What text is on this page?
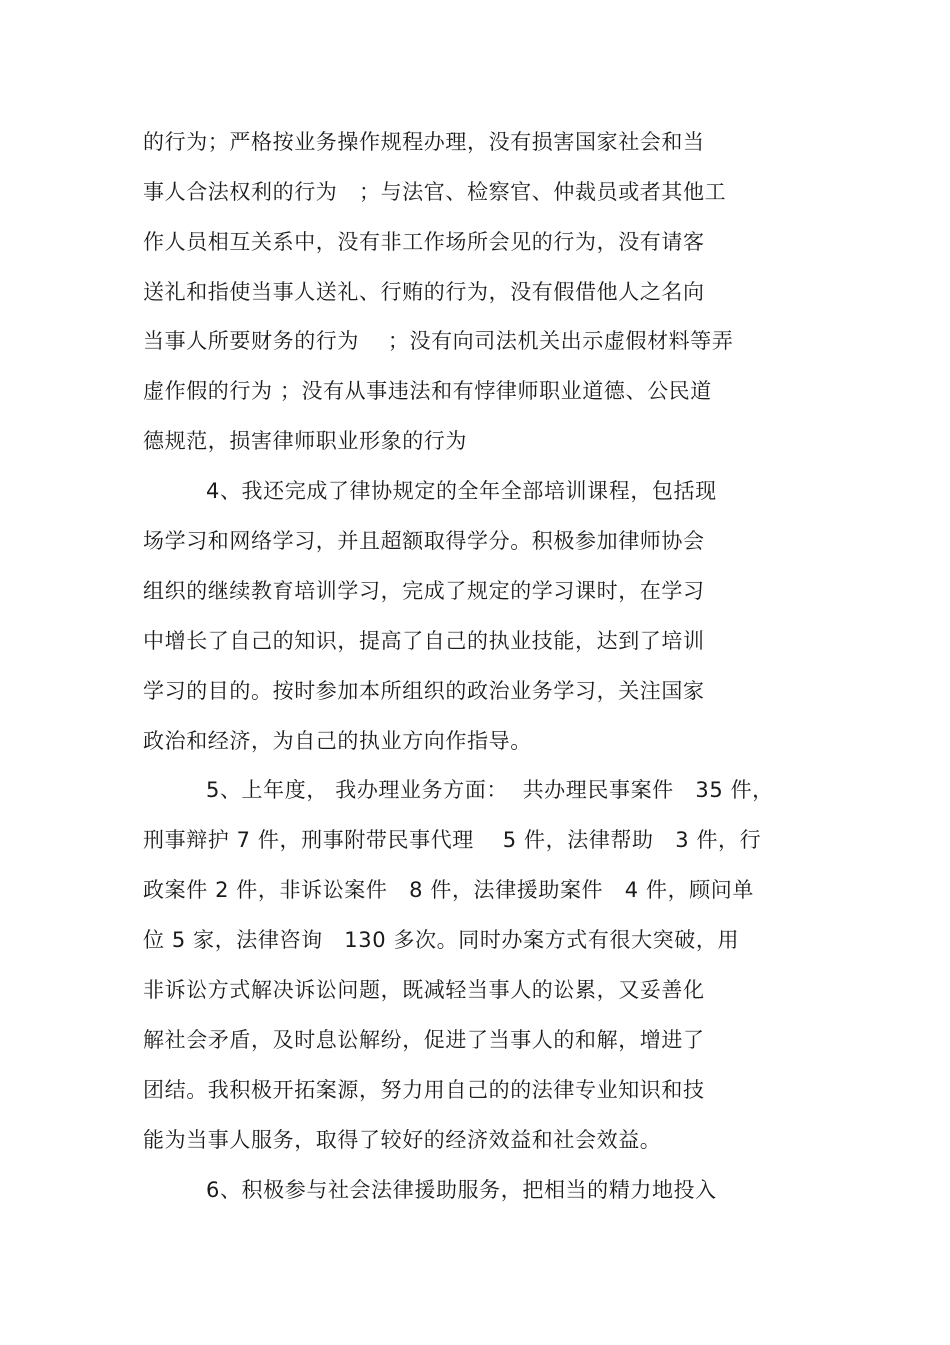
的行为；严格按业务操作规程办理，没有损害国家社会和当
事人合法权利的行为　；与法官、检察官、仲裁员或者其他工
作人员相互关系中，没有非工作场所会见的行为，没有请客
送礼和指使当事人送礼、行贿的行为，没有假借他人之名向
当事人所要财务的行为　 ；没有向司法机关出示虚假材料等弄
虚作假的行为 ；没有从事违法和有悖律师职业道德、公民道
德规范，损害律师职业形象的行为
4、我还完成了律协规定的全年全部培训课程，包括现
场学习和网络学习，并且超额取得学分。积极参加律师协会
组织的继续教育培训学习，完成了规定的学习课时，在学习
中增长了自己的知识，提高了自己的执业技能，达到了培训
学习的目的。按时参加本所组织的政治业务学习，关注国家
政治和经济，为自己的执业方向作指导。
5、上年度， 我办理业务方面：  共办理民事案件　35 件，
刑事辩护 7 件，刑事附带民事代理　 5 件，法律帮助　3 件，行
政案件 2 件，非诉讼案件　8 件，法律援助案件　4 件，顾问单
位 5 家，法律咨询　130 多次。同时办案方式有很大突破，用
非诉讼方式解决诉讼问题，既减轻当事人的讼累，又妥善化
解社会矛盾，及时息讼解纷，促进了当事人的和解，增进了
团结。我积极开拓案源，努力用自己的的法律专业知识和技
能为当事人服务，取得了较好的经济效益和社会效益。
6、积极参与社会法律援助服务，把相当的精力地投入
